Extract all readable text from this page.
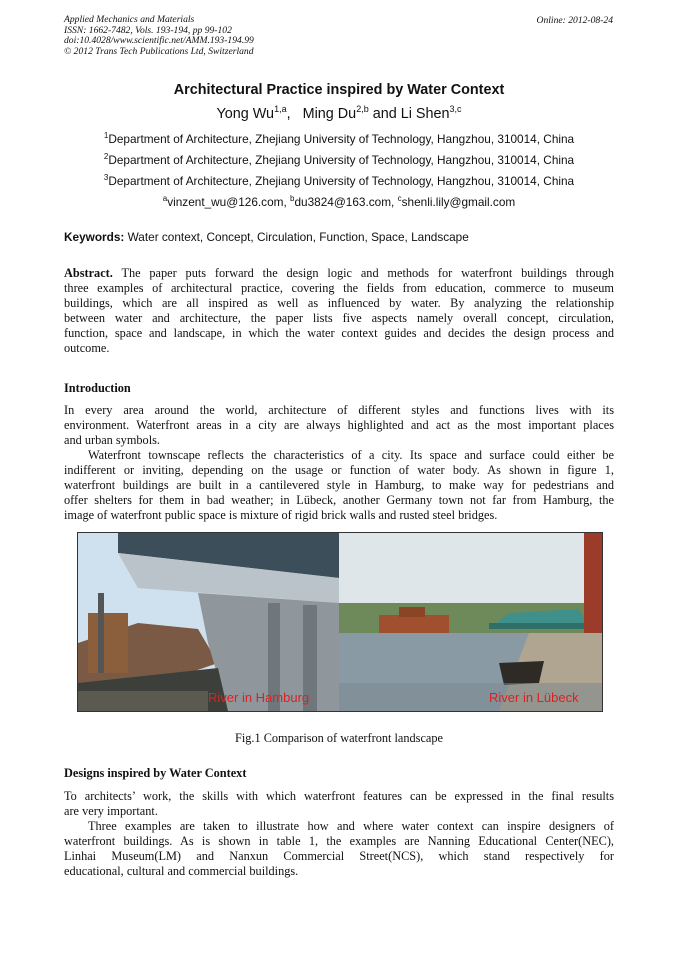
Applied Mechanics and Materials
ISSN: 1662-7482, Vols. 193-194, pp 99-102
doi:10.4028/www.scientific.net/AMM.193-194.99
© 2012 Trans Tech Publications Ltd, Switzerland
Online: 2012-08-24
Architectural Practice inspired by Water Context
Yong Wu$^{1,a}$,   Ming Du$^{2,b}$ and Li Shen$^{3,c}$
$^1$Department of Architecture, Zhejiang University of Technology, Hangzhou, 310014, China
$^2$Department of Architecture, Zhejiang University of Technology, Hangzhou, 310014, China
$^3$Department of Architecture, Zhejiang University of Technology, Hangzhou, 310014, China
$^a$vinzent_wu@126.com, $^b$du3824@163.com, $^c$shenli.lily@gmail.com
Keywords: Water context, Concept, Circulation, Function, Space, Landscape
Abstract. The paper puts forward the design logic and methods for waterfront buildings through
three examples of architectural practice, covering the fields from education, commerce to museum
buildings, which are all inspired as well as influenced by water. By analyzing the relationship
between water and architecture, the paper lists five aspects namely overall concept, circulation,
function, space and landscape, in which the water context guides and decides the design process and
outcome.
Introduction
In every area around the world, architecture of different styles and functions lives with its
environment. Waterfront areas in a city are always highlighted and act as the most important places
and urban symbols.
Waterfront townscape reflects the characteristics of a city. Its space and surface could either be
indifferent or inviting, depending on the usage or function of water body. As shown in figure 1,
waterfront buildings are built in a cantilevered style in Hamburg, to make way for pedestrians and
offer shelters for them in bad weather; in Lübeck, another Germany town not far from Hamburg, the
image of waterfront public space is mixture of rigid brick walls and rusted steel bridges.
River in Hamburg	River in Lübeck
Fig.1 Comparison of waterfront landscape
Designs inspired by Water Context
To architects’ work, the skills with which waterfront features can be expressed in the final results
are very important.
Three examples are taken to illustrate how and where water context can inspire designers of
waterfront buildings. As is shown in table 1, the examples are Nanning Educational Center(NEC),
Linhai Museum(LM) and Nanxun Commercial Street(NCS), which stand respectively for
educational, cultural and commercial buildings.
